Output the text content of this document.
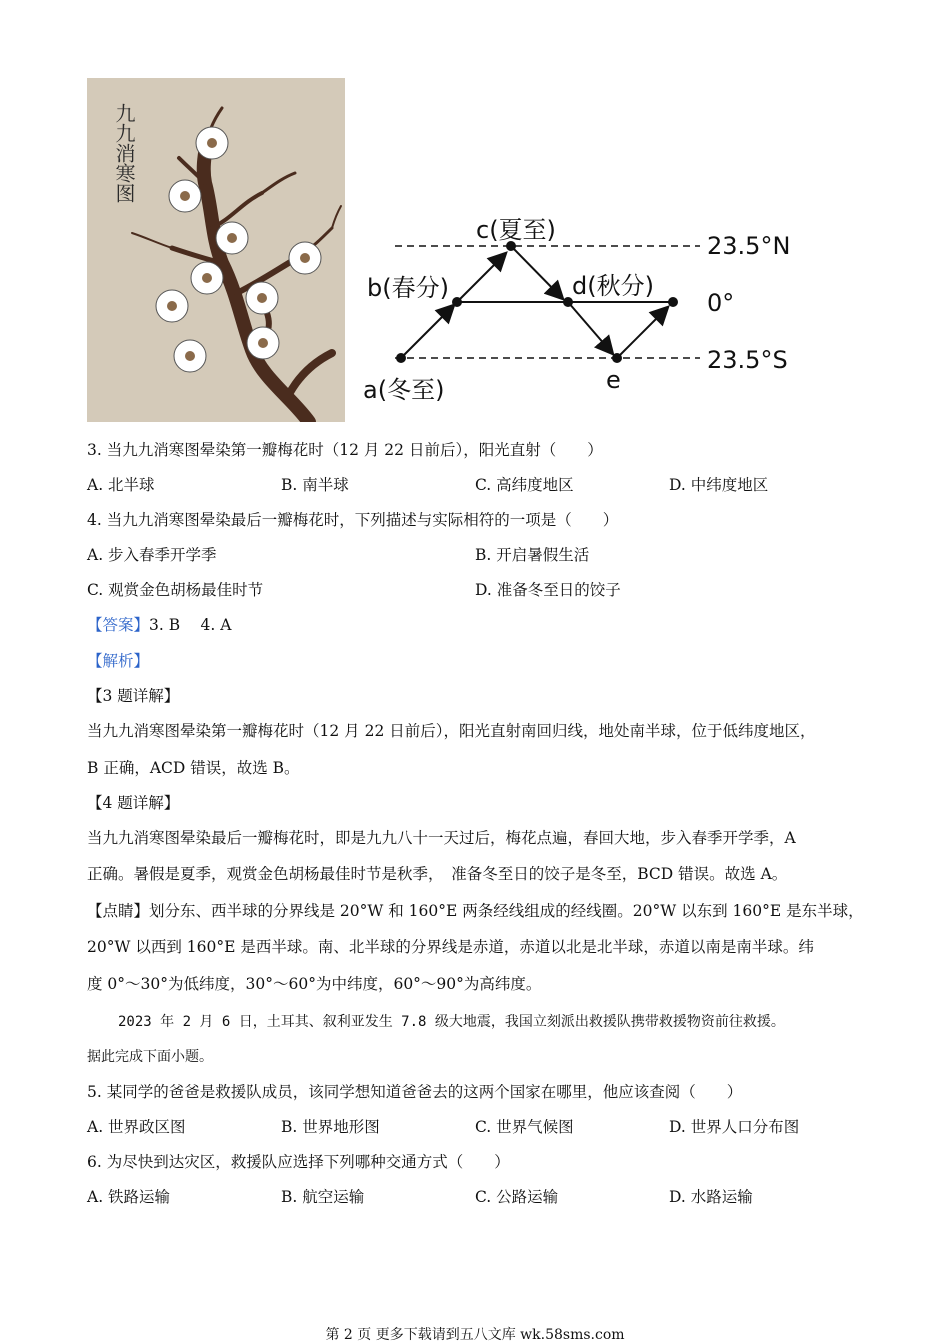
九九消寒图
c(夏至)
b(春分)	d(秋分)
a(冬至)	e
23.5°N
0°
23.5°S
3. 当九九消寒图晕染第一瓣梅花时（12 月 22 日前后），阳光直射（　　）
A. 北半球	B. 南半球	C. 高纬度地区	D. 中纬度地区
4. 当九九消寒图晕染最后一瓣梅花时，下列描述与实际相符的一项是（　　）
A. 步入春季开学季	B. 开启暑假生活
C. 观赏金色胡杨最佳时节	D. 准备冬至日的饺子
【答案】3. B　 4. A
【解析】
【3 题详解】
当九九消寒图晕染第一瓣梅花时（12 月 22 日前后），阳光直射南回归线，地处南半球，位于低纬度地区，
B 正确，ACD 错误，故选 B。
【4 题详解】
当九九消寒图晕染最后一瓣梅花时，即是九九八十一天过后，梅花点遍，春回大地，步入春季开学季，A
正确。暑假是夏季，观赏金色胡杨最佳时节是秋季，　准备冬至日的饺子是冬至，BCD 错误。故选 A。
【点睛】划分东、西半球的分界线是 20°W 和 160°E 两条经线组成的经线圈。20°W 以东到 160°E 是东半球，
20°W 以西到 160°E 是西半球。南、北半球的分界线是赤道，赤道以北是北半球，赤道以南是南半球。纬
度 0°～30°为低纬度，30°～60°为中纬度，60°～90°为高纬度。
2023 年 2 月 6 日，土耳其、叙利亚发生 7.8 级大地震，我国立刻派出救援队携带救援物资前往救援。
据此完成下面小题。
5. 某同学的爸爸是救援队成员，该同学想知道爸爸去的这两个国家在哪里，他应该查阅（　　）
A. 世界政区图	B. 世界地形图	C. 世界气候图	D. 世界人口分布图
6. 为尽快到达灾区，救援队应选择下列哪种交通方式（　　）
A. 铁路运输	B. 航空运输	C. 公路运输	D. 水路运输
第 2 页 更多下载请到五八文库 wk.58sms.com
